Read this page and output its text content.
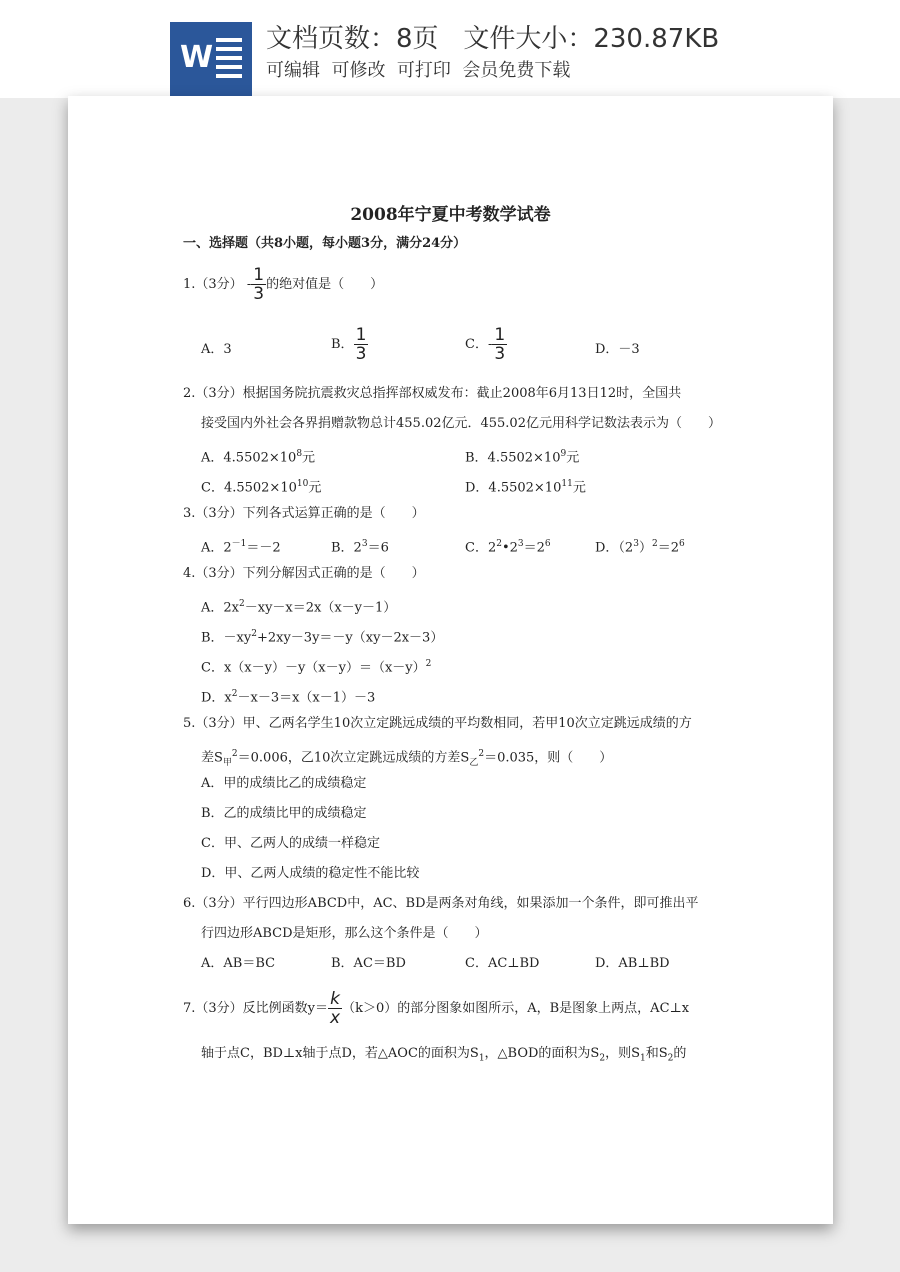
W
文档页数：8页 文件大小：230.87KB
可编辑  可修改  可打印  会员免费下载
2008年宁夏中考数学试卷
一、选择题（共8小题，每小题3分，满分24分）
1.（3分） - $\frac{1}{3}$ 的绝对值是（　　）
A．3	B． $\frac{1}{3}$	C．- $\frac{1}{3}$	D．－3
2.（3分）根据国务院抗震救灾总指挥部权威发布：截止2008年6月13日12时，全国共
接受国内外社会各界捐赠款物总计455.02亿元．455.02亿元用科学记数法表示为（　　）
A．$4.5502\times 10^8$元	B．$4.5502\times 10^9$元
C．$4.5502\times 10^{10}$元	D．$4.5502\times 10^{11}$元
3.（3分）下列各式运算正确的是（　　）
A．$2^{-1}=-2$	B．$2^3=6$	C．$2^2•2^3=2^6$	D．$(2^3)^2=2^6$
4.（3分）下列分解因式正确的是（　　）
A．$2x^2-xy-x=2x(x-y-1)$
B．$-xy^2+2xy-3y=-y(xy-2x-3)$
C．$x(x-y)-y(x-y)=(x-y)^2$
D．$x^2-x-3=x(x-1)-3$
5.（3分）甲、乙两名学生10次立定跳远成绩的平均数相同，若甲10次立定跳远成绩的方
差$S_甲^2=0.006$，乙10次立定跳远成绩的方差$S_乙^2=0.035$，则（　　）
A．甲的成绩比乙的成绩稳定
B．乙的成绩比甲的成绩稳定
C．甲、乙两人的成绩一样稳定
D．甲、乙两人成绩的稳定性不能比较
6.（3分）平行四边形ABCD中，AC、BD是两条对角线，如果添加一个条件，即可推出平
行四边形ABCD是矩形，那么这个条件是（　　）
A．AB＝BC	B．AC＝BD	C．AC⊥BD	D．AB⊥BD
7.（3分）反比例函数$y= \frac{k}{x} (k>0)$的部分图象如图所示，A，B是图象上两点，AC⊥x
轴于点C，BD⊥x轴于点D，若△AOC的面积为$S_1$，△BOD的面积为$S_2$，则$S_1$和$S_2$的
